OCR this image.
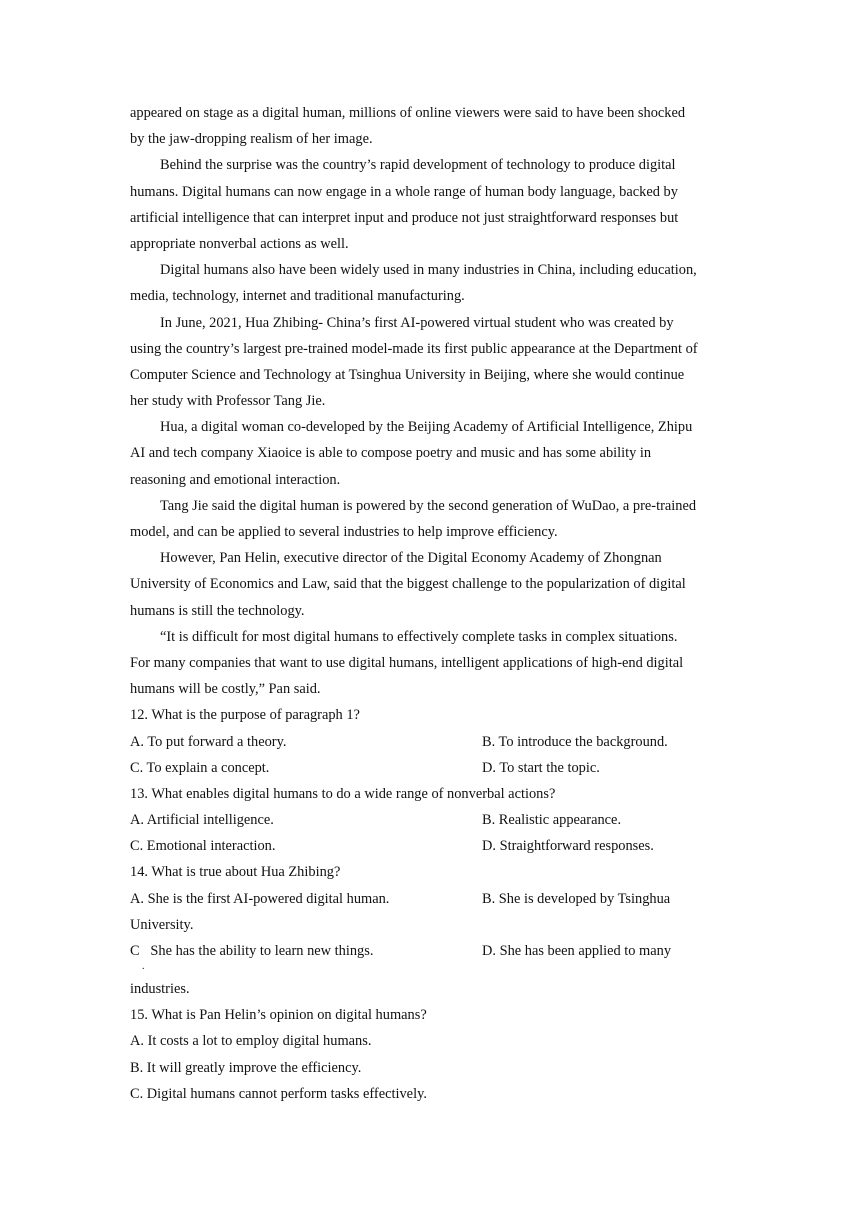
appeared on stage as a digital human, millions of online viewers were said to have been shocked
by the jaw-dropping realism of her image.
Behind the surprise was the country’s rapid development of technology to produce digital
humans. Digital humans can now engage in a whole range of human body language, backed by
artificial intelligence that can interpret input and produce not just straightforward responses but
appropriate nonverbal actions as well.
Digital humans also have been widely used in many industries in China, including education,
media, technology, internet and traditional manufacturing.
In June, 2021, Hua Zhibing- China’s first AI-powered virtual student who was created by
using the country’s largest pre-trained model-made its first public appearance at the Department of
Computer Science and Technology at Tsinghua University in Beijing, where she would continue
her study with Professor Tang Jie.
Hua, a digital woman co-developed by the Beijing Academy of Artificial Intelligence, Zhipu
AI and tech company Xiaoice is able to compose poetry and music and has some ability in
reasoning and emotional interaction.
Tang Jie said the digital human is powered by the second generation of WuDao, a pre-trained
model, and can be applied to several industries to help improve efficiency.
However, Pan Helin, executive director of the Digital Economy Academy of Zhongnan
University of Economics and Law, said that the biggest challenge to the popularization of digital
humans is still the technology.
“It is difficult for most digital humans to effectively complete tasks in complex situations.
For many companies that want to use digital humans, intelligent applications of high-end digital
humans will be costly,” Pan said.
12. What is the purpose of paragraph 1?
A. To put forward a theory.	B. To introduce the background.
C. To explain a concept.	D. To start the topic.
13. What enables digital humans to do a wide range of nonverbal actions?
A. Artificial intelligence.	B. Realistic appearance.
C. Emotional interaction.	D. Straightforward responses.
14. What is true about Hua Zhibing?
A. She is the first AI-powered digital human.	B. She is developed by Tsinghua
University.
C She has the ability to learn new things.
.
D. She has been applied to many
industries.
15. What is Pan Helin’s opinion on digital humans?
A. It costs a lot to employ digital humans.
B. It will greatly improve the efficiency.
C. Digital humans cannot perform tasks effectively.
